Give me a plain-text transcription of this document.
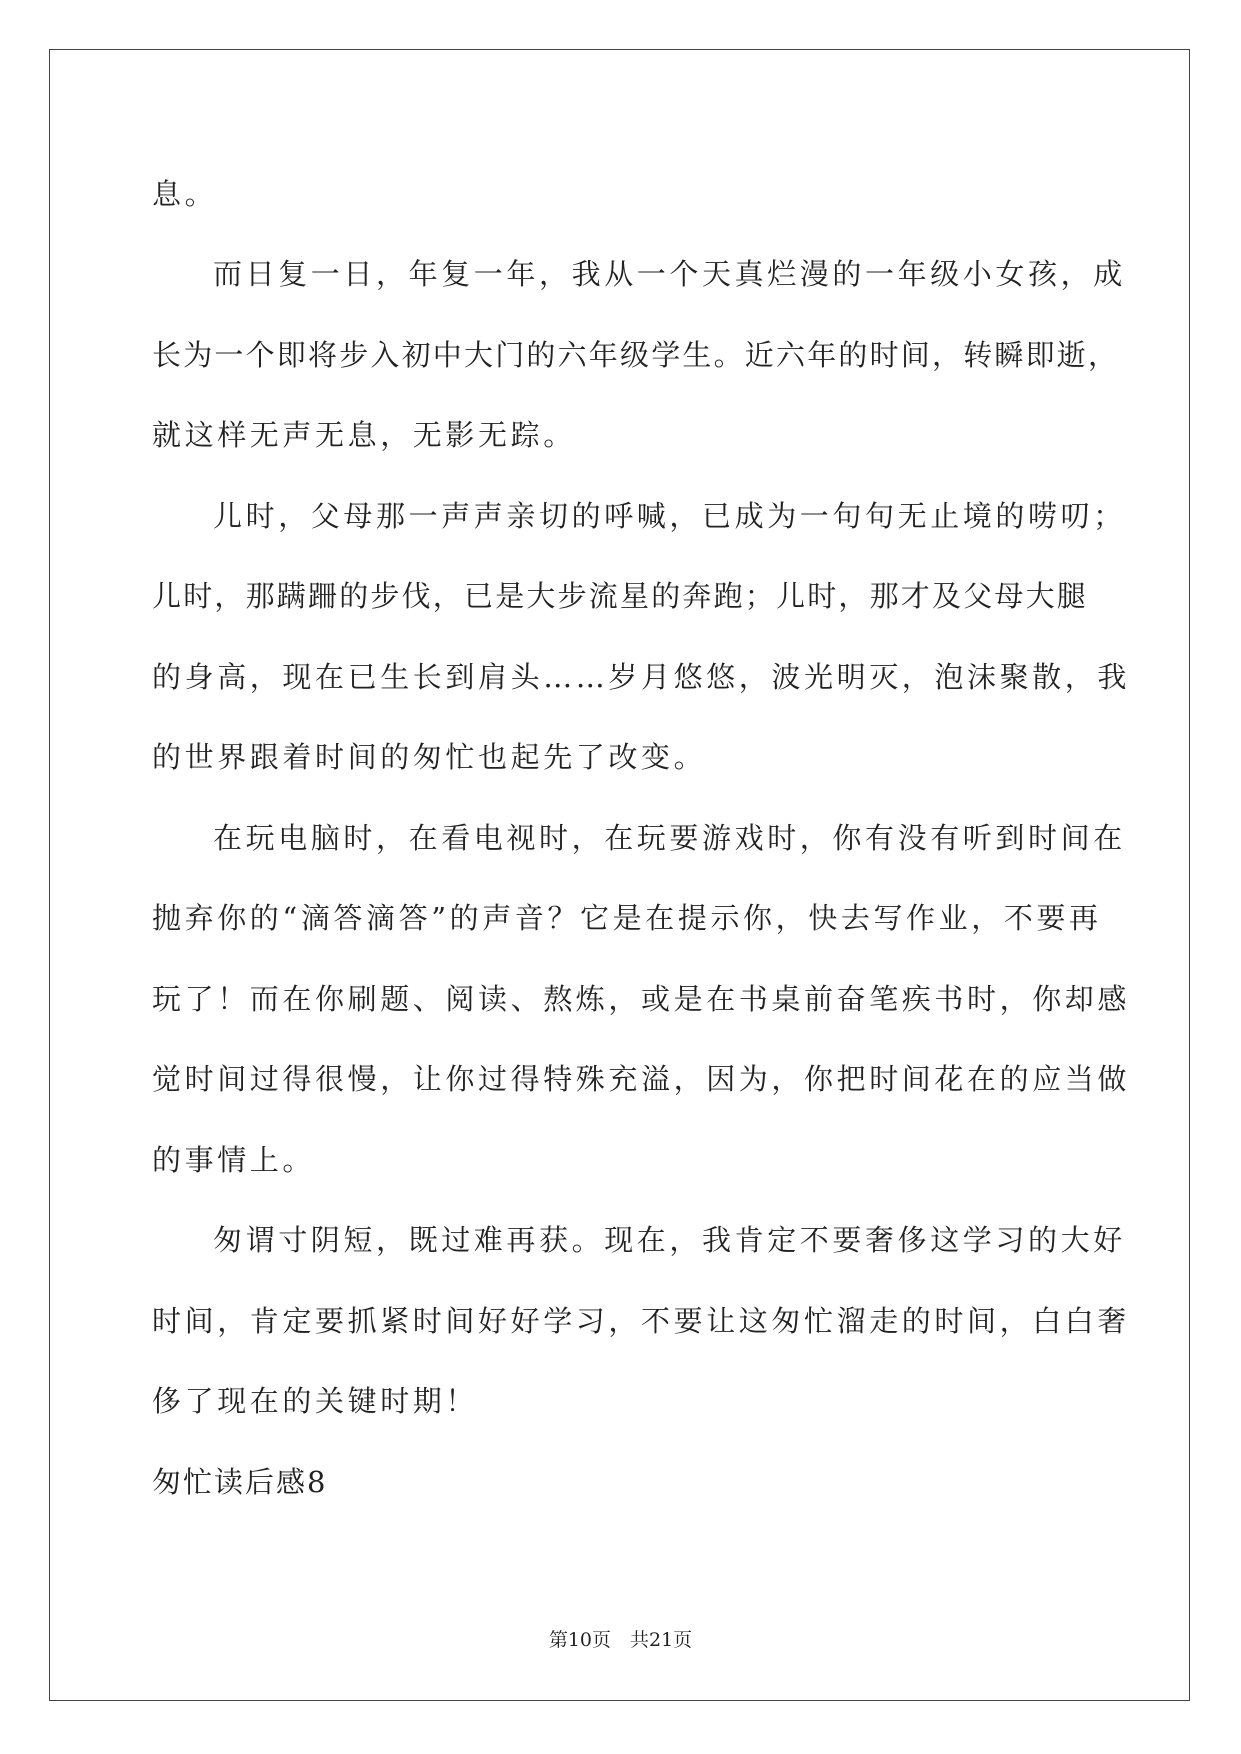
息。
而日复一日，年复一年，我从一个天真烂漫的一年级小女孩，成
长为一个即将步入初中大门的六年级学生。近六年的时间，转瞬即逝，
就这样无声无息，无影无踪。
儿时，父母那一声声亲切的呼喊，已成为一句句无止境的唠叨；
儿时，那蹒跚的步伐，已是大步流星的奔跑；儿时，那才及父母大腿
的身高，现在已生长到肩头……岁月悠悠，波光明灭，泡沫聚散，我
的世界跟着时间的匆忙也起先了改变。
在玩电脑时，在看电视时，在玩要游戏时，你有没有听到时间在
抛弃你的“滴答滴答”的声音？它是在提示你，快去写作业，不要再
玩了！而在你刷题、阅读、熬炼，或是在书桌前奋笔疾书时，你却感
觉时间过得很慢，让你过得特殊充溢，因为，你把时间花在的应当做
的事情上。
匆谓寸阴短，既过难再获。现在，我肯定不要奢侈这学习的大好
时间，肯定要抓紧时间好好学习，不要让这匆忙溜走的时间，白白奢
侈了现在的关键时期！
匆忙读后感8
第10页　共21页
